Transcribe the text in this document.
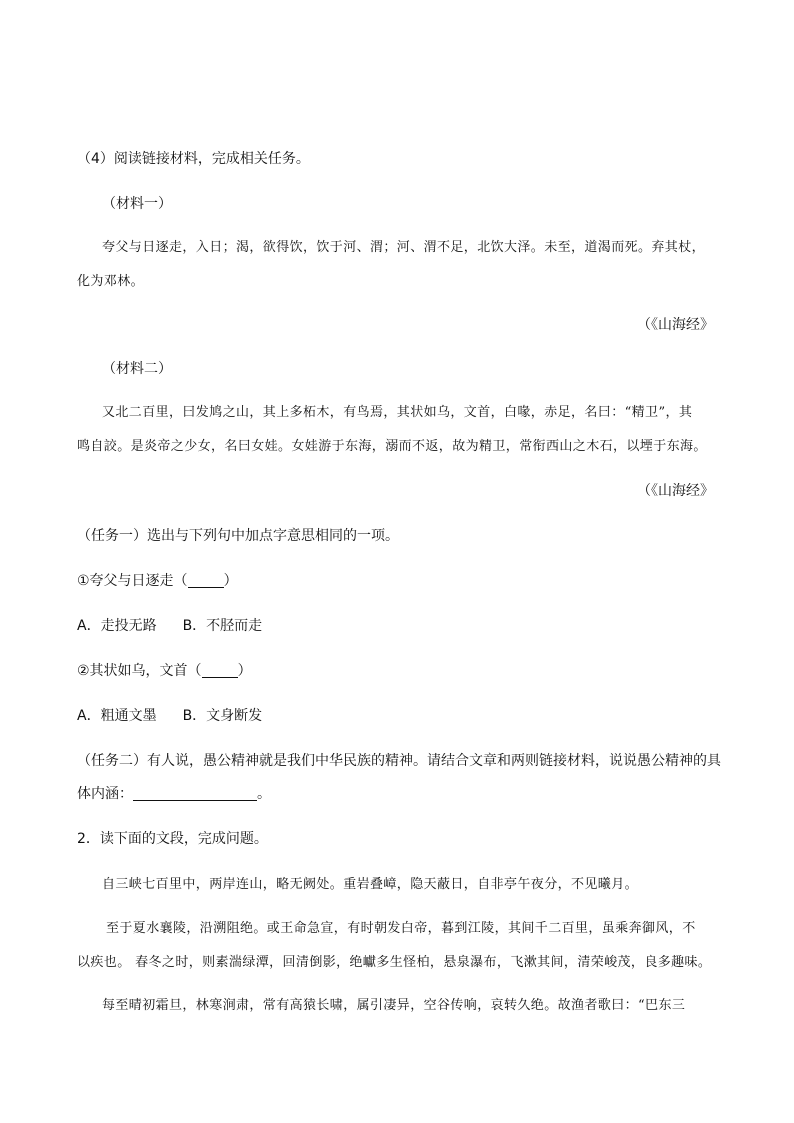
（4）阅读链接材料，完成相关任务。
（材料一）
夸父与日逐走，入日；渴，欲得饮，饮于河、渭；河、渭不足，北饮大泽。未至，道渴而死。弃其杖，
化为邓林。
（《山海经》
（材料二）
又北二百里，曰发鸠之山，其上多柘木，有鸟焉，其状如乌，文首，白喙，赤足，名曰：“精卫”，其
鸣自詨。是炎帝之少女，名曰女娃。女娃游于东海，溺而不返，故为精卫，常衔西山之木石，以堙于东海。
（《山海经》
（任务一）选出与下列句中加点字意思相同的一项。
①夸父与日逐走（	）
A．走投无路 B．不胫而走
②其状如乌，文首（	）
A．粗通文墨 B．文身断发
（任务二）有人说，愚公精神就是我们中华民族的精神。请结合文章和两则链接材料，说说愚公精神的具
体内涵：	。
2．读下面的文段，完成问题。
自三峡七百里中，两岸连山，略无阙处。重岩叠嶂，隐天蔽日，自非亭午夜分，不见曦月。
至于夏水襄陵，沿溯阻绝。或王命急宣，有时朝发白帝，暮到江陵，其间千二百里，虽乘奔御风，不
以疾也。 春冬之时，则素湍绿潭，回清倒影，绝巘多生怪柏，悬泉瀑布，飞漱其间，清荣峻茂，良多趣味。
每至晴初霜旦，林寒涧肃，常有高猿长啸，属引凄异，空谷传响，哀转久绝。故渔者歌曰：“巴东三
